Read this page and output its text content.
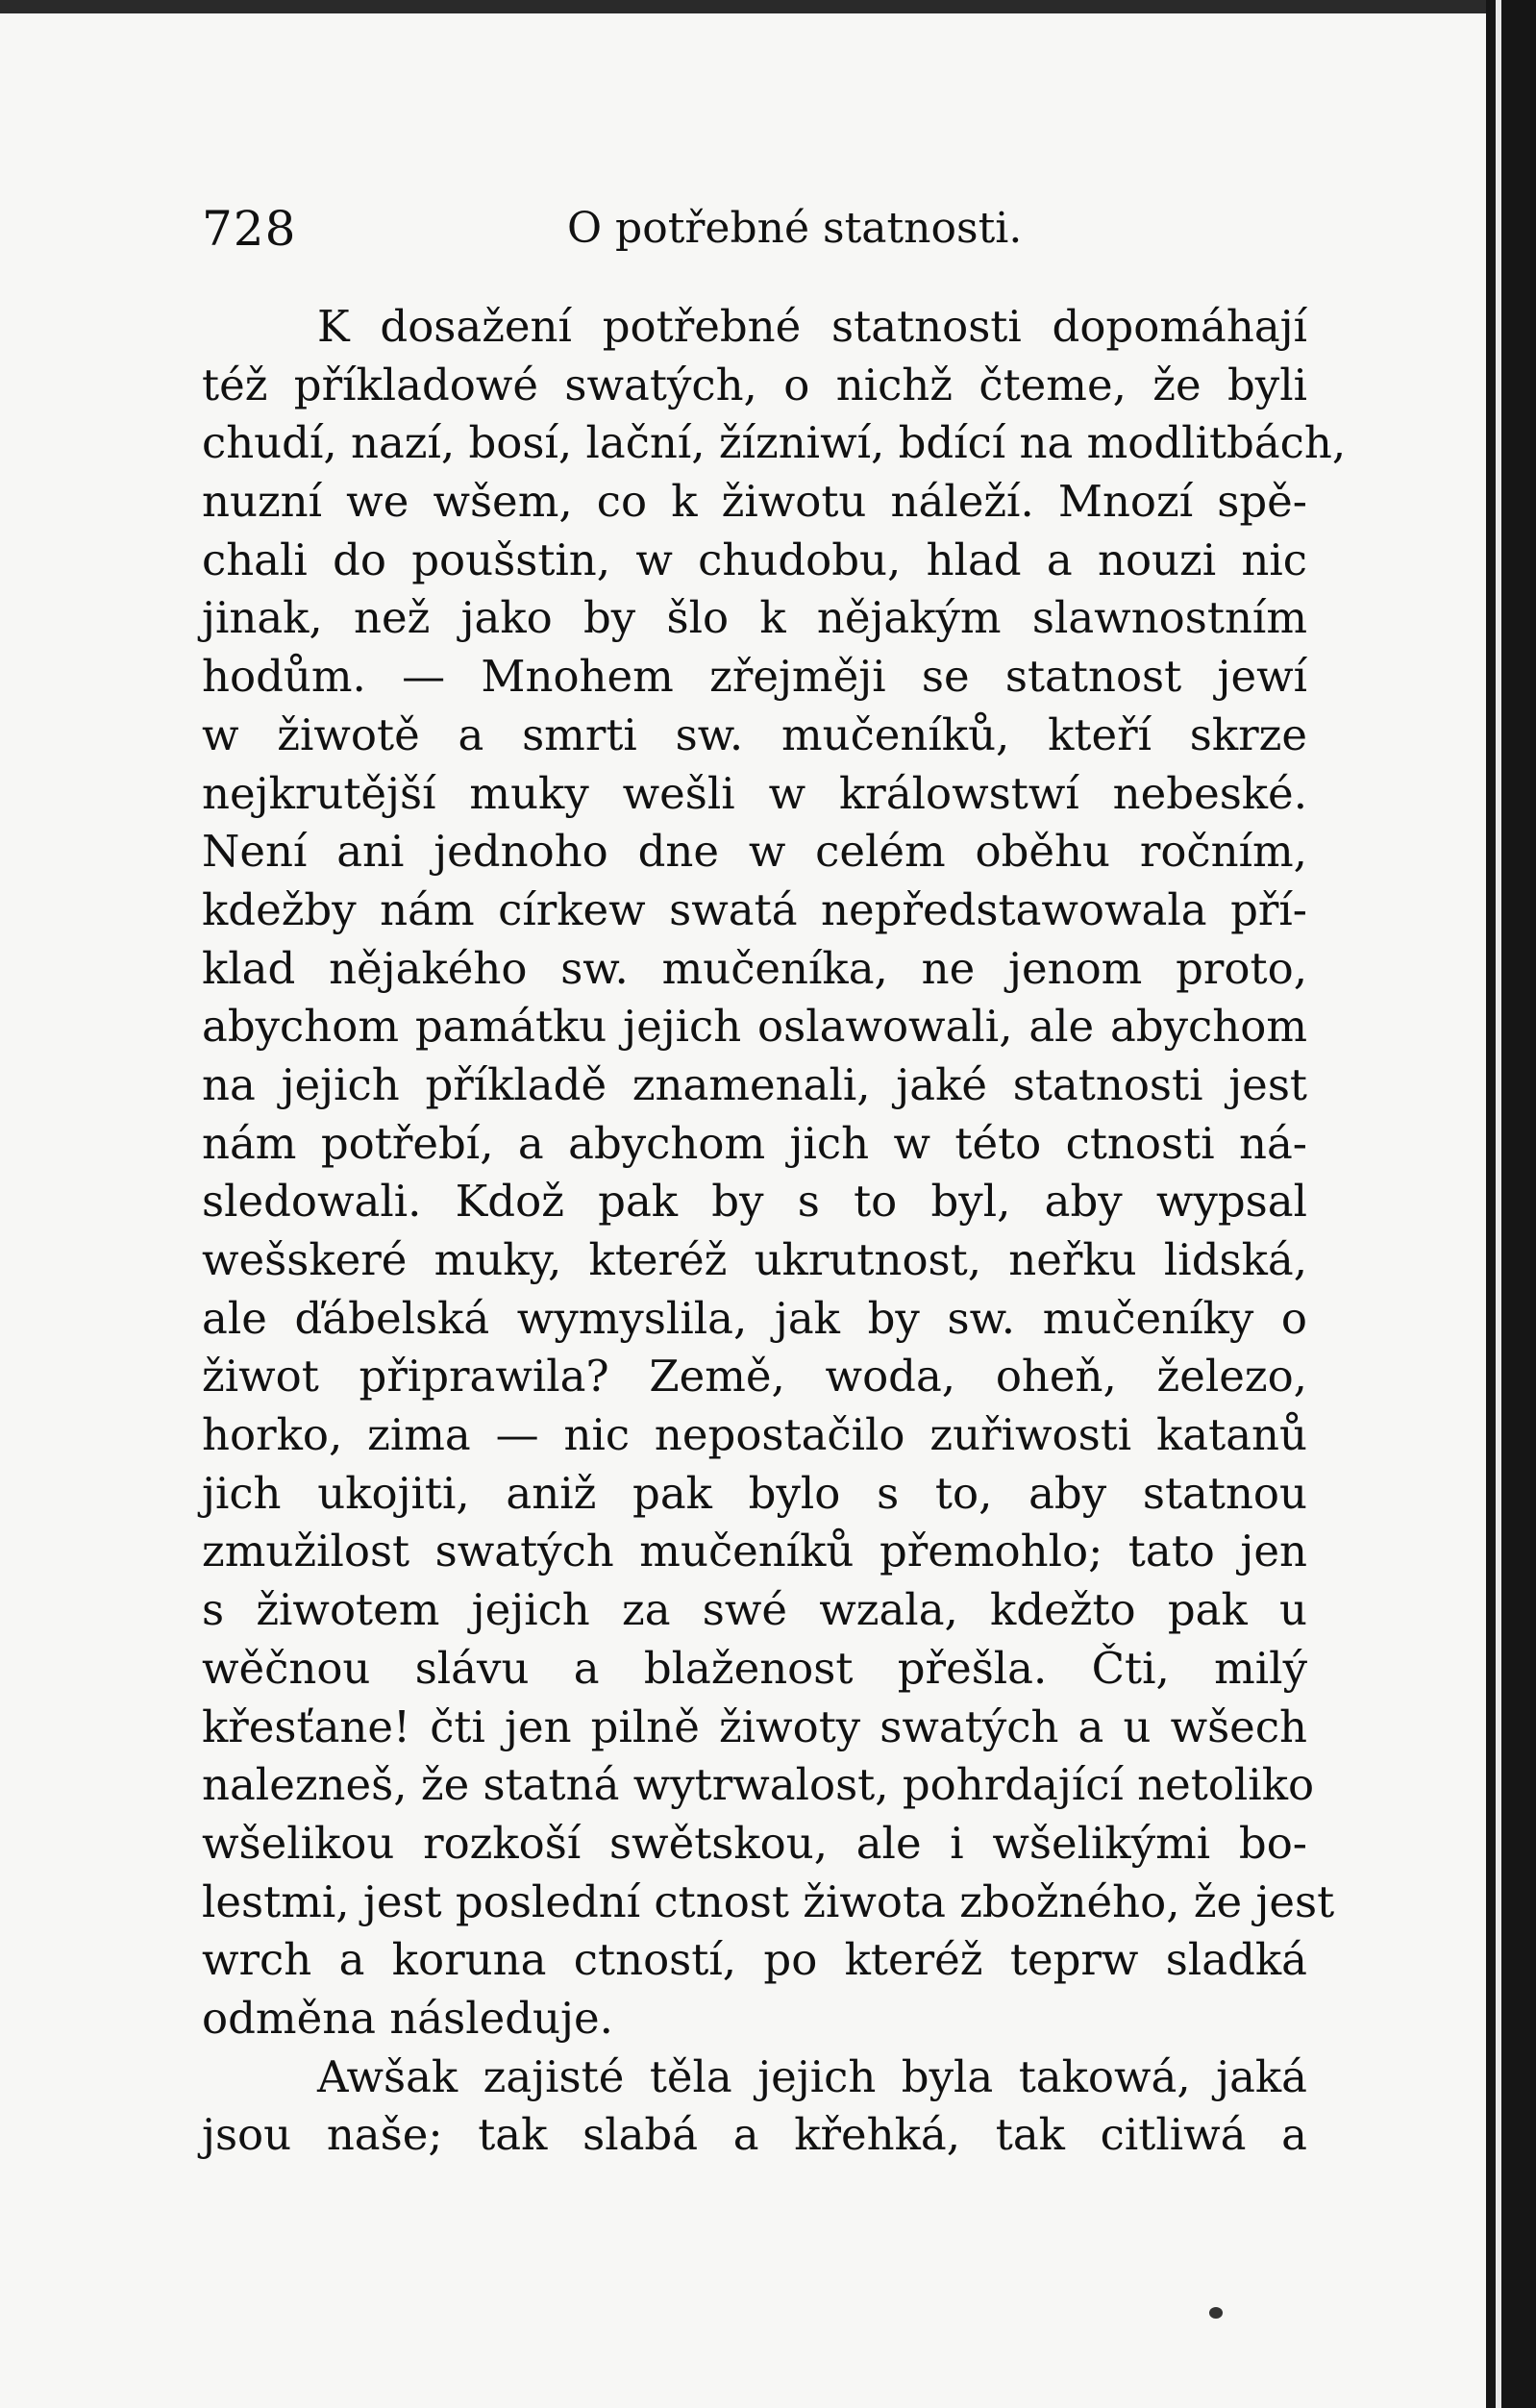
728	O potřebné statnosti.
K dosažení potřebné statnosti dopomáhají
též příkladowé swatých, o nichž čteme, že byli
chudí, nazí, bosí, lační, žízniwí, bdící na modlitbách,
nuzní we wšem, co k žiwotu náleží. Mnozí spě-
chali do poušstin, w chudobu, hlad a nouzi nic
jinak, než jako by šlo k nějakým slawnostním
hodům. — Mnohem zřejměji se statnost jewí
w žiwotě a smrti sw. mučeníků, kteří skrze
nejkrutější muky wešli w králowstwí nebeské.
Není ani jednoho dne w celém oběhu ročním,
kdežby nám církew swatá nepředstawowala pří-
klad nějakého sw. mučeníka, ne jenom proto,
abychom památku jejich oslawowali, ale abychom
na jejich příkladě znamenali, jaké statnosti jest
nám potřebí, a abychom jich w této ctnosti ná-
sledowali. Kdož pak by s to byl, aby wypsal
wešskeré muky, kteréž ukrutnost, neřku lidská,
ale ďábelská wymyslila, jak by sw. mučeníky o
žiwot připrawila? Země, woda, oheň, železo,
horko, zima — nic nepostačilo zuřiwosti katanů
jich ukojiti, aniž pak bylo s to, aby statnou
zmužilost swatých mučeníků přemohlo; tato jen
s žiwotem jejich za swé wzala, kdežto pak u
wěčnou slávu a blaženost přešla. Čti, milý
křesťane! čti jen pilně žiwoty swatých a u wšech
nalezneš, že statná wytrwalost, pohrdající netoliko
wšelikou rozkoší swětskou, ale i wšelikými bo-
lestmi, jest poslední ctnost žiwota zbožného, že jest
wrch a koruna ctností, po kteréž teprw sladká
odměna následuje.
Awšak zajisté těla jejich byla takowá, jaká
jsou naše; tak slabá a křehká, tak citliwá a
